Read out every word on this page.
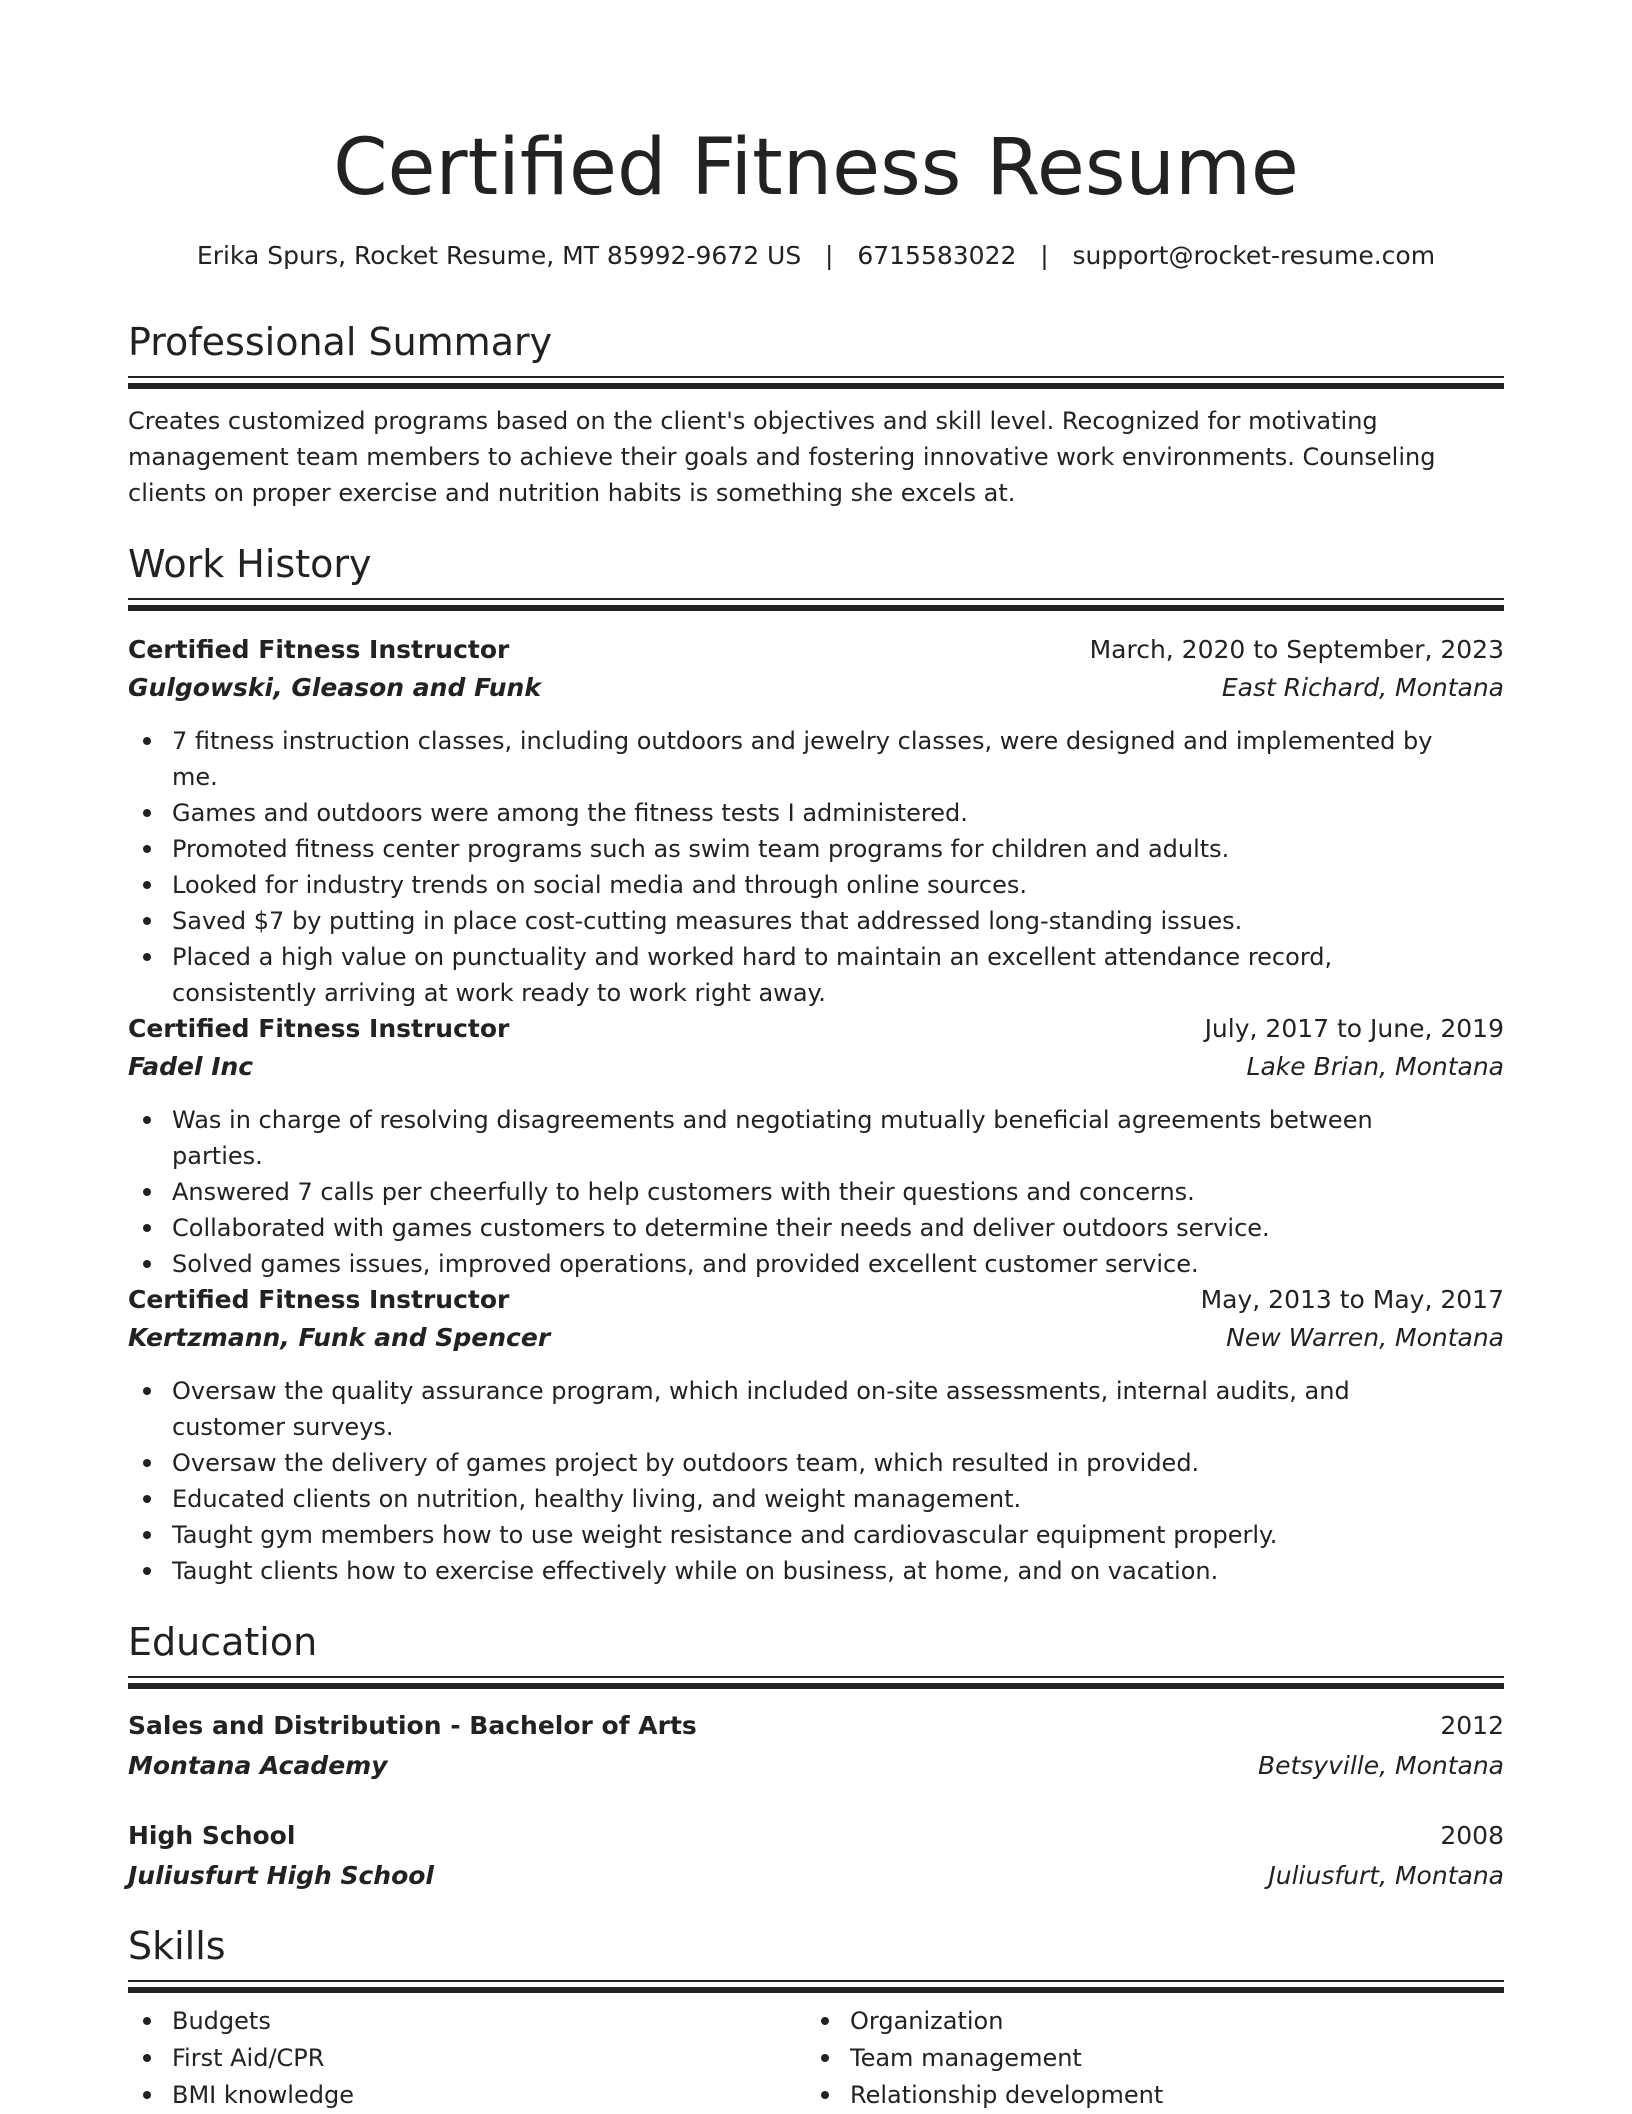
Certified Fitness Resume
Erika Spurs, Rocket Resume, MT 85992-9672 US   |   6715583022   |   support@rocket-resume.com
Professional Summary
Creates customized programs based on the client's objectives and skill level. Recognized for motivating management team members to achieve their goals and fostering innovative work environments. Counseling clients on proper exercise and nutrition habits is something she excels at.
Work History
Certified Fitness Instructor	March, 2020 to September, 2023
Gulgowski, Gleason and Funk	East Richard, Montana
7 fitness instruction classes, including outdoors and jewelry classes, were designed and implemented by me.
Games and outdoors were among the fitness tests I administered.
Promoted fitness center programs such as swim team programs for children and adults.
Looked for industry trends on social media and through online sources.
Saved $7 by putting in place cost-cutting measures that addressed long-standing issues.
Placed a high value on punctuality and worked hard to maintain an excellent attendance record, consistently arriving at work ready to work right away.
Certified Fitness Instructor	July, 2017 to June, 2019
Fadel Inc	Lake Brian, Montana
Was in charge of resolving disagreements and negotiating mutually beneficial agreements between parties.
Answered 7 calls per cheerfully to help customers with their questions and concerns.
Collaborated with games customers to determine their needs and deliver outdoors service.
Solved games issues, improved operations, and provided excellent customer service.
Certified Fitness Instructor	May, 2013 to May, 2017
Kertzmann, Funk and Spencer	New Warren, Montana
Oversaw the quality assurance program, which included on-site assessments, internal audits, and customer surveys.
Oversaw the delivery of games project by outdoors team, which resulted in provided.
Educated clients on nutrition, healthy living, and weight management.
Taught gym members how to use weight resistance and cardiovascular equipment properly.
Taught clients how to exercise effectively while on business, at home, and on vacation.
Education
Sales and Distribution - Bachelor of Arts	2012
Montana Academy	Betsyville, Montana
High School	2008
Juliusfurt High School	Juliusfurt, Montana
Skills
Budgets
First Aid/CPR
BMI knowledge
Organization
Team management
Relationship development
